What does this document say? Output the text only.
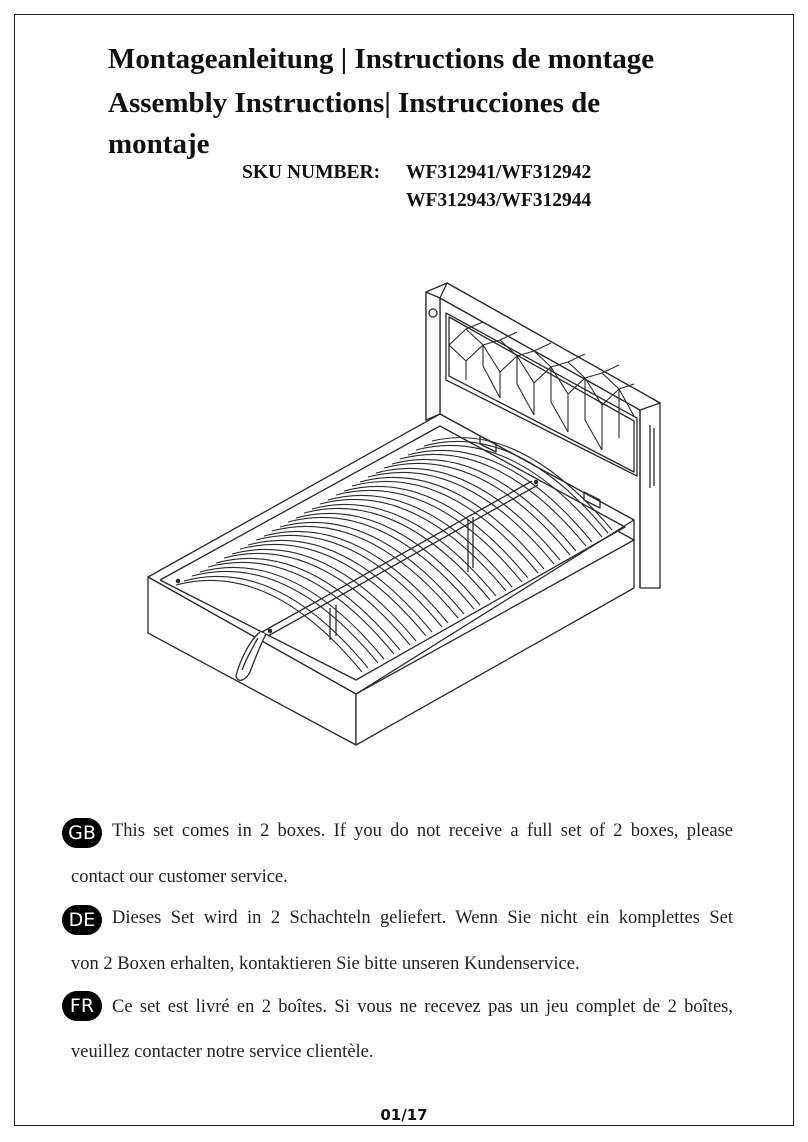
Montageanleitung | Instructions de montage
Assembly Instructions| Instrucciones de
montaje
SKU NUMBER: WF312941/WF312942
WF312943/WF312944
GB This set comes in 2 boxes. If you do not receive a full set of 2 boxes, please
contact our customer service.
DE Dieses Set wird in 2 Schachteln geliefert. Wenn Sie nicht ein komplettes Set
von 2 Boxen erhalten, kontaktieren Sie bitte unseren Kundenservice.
FR Ce set est livré en 2 boîtes. Si vous ne recevez pas un jeu complet de 2 boîtes,
veuillez contacter notre service clientèle.
01/17
